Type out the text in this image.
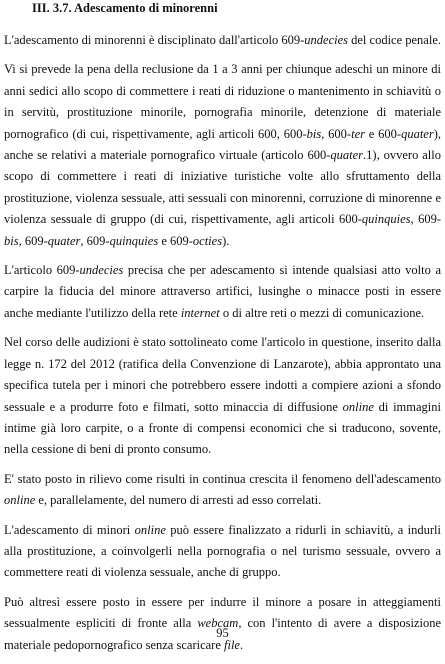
III. 3.7. Adescamento di minorenni

L'adescamento di minorenni è disciplinato dall'articolo 609-undecies del codice penale.

Vi si prevede la pena della reclusione da 1 a 3 anni per chiunque adeschi un minore di anni sedici allo scopo di commettere i reati di riduzione o mantenimento in schiavitù o in servitù, prostituzione minorile, pornografia minorile, detenzione di materiale pornografico (di cui, rispettivamente, agli articoli 600, 600-bis, 600-ter e 600-quater), anche se relativi a materiale pornografico virtuale (articolo 600-quater.1), ovvero allo scopo di commettere i reati di iniziative turistiche volte allo sfruttamento della prostituzione, violenza sessuale, atti sessuali con minorenni, corruzione di minorenne e violenza sessuale di gruppo (di cui, rispettivamente, agli articoli 600-quinquies, 609-bis, 609-quater, 609-quinquies e 609-octies).

L'articolo 609-undecies precisa che per adescamento si intende qualsiasi atto volto a carpire la fiducia del minore attraverso artifici, lusinghe o minacce posti in essere anche mediante l'utilizzo della rete internet o di altre reti o mezzi di comunicazione.

Nel corso delle audizioni è stato sottolineato come l'articolo in questione, inserito dalla legge n. 172 del 2012 (ratifica della Convenzione di Lanzarote), abbia approntato una specifica tutela per i minori che potrebbero essere indotti a compiere azioni a sfondo sessuale e a produrre foto e filmati, sotto minaccia di diffusione online di immagini intime già loro carpite, o a fronte di compensi economici che si traducono, sovente, nella cessione di beni di pronto consumo.

E' stato posto in rilievo come risulti in continua crescita il fenomeno dell'adescamento online e, parallelamente, del numero di arresti ad esso correlati.

L'adescamento di minori online può essere finalizzato a ridurli in schiavitù, a indurli alla prostituzione, a coinvolgerli nella pornografia o nel turismo sessuale, ovvero a commettere reati di violenza sessuale, anche di gruppo.

Può altresì essere posto in essere per indurre il minore a posare in atteggiamenti sessualmente espliciti di fronte alla webcam, con l'intento di avere a disposizione materiale pedopornografico senza scaricare file.

95
